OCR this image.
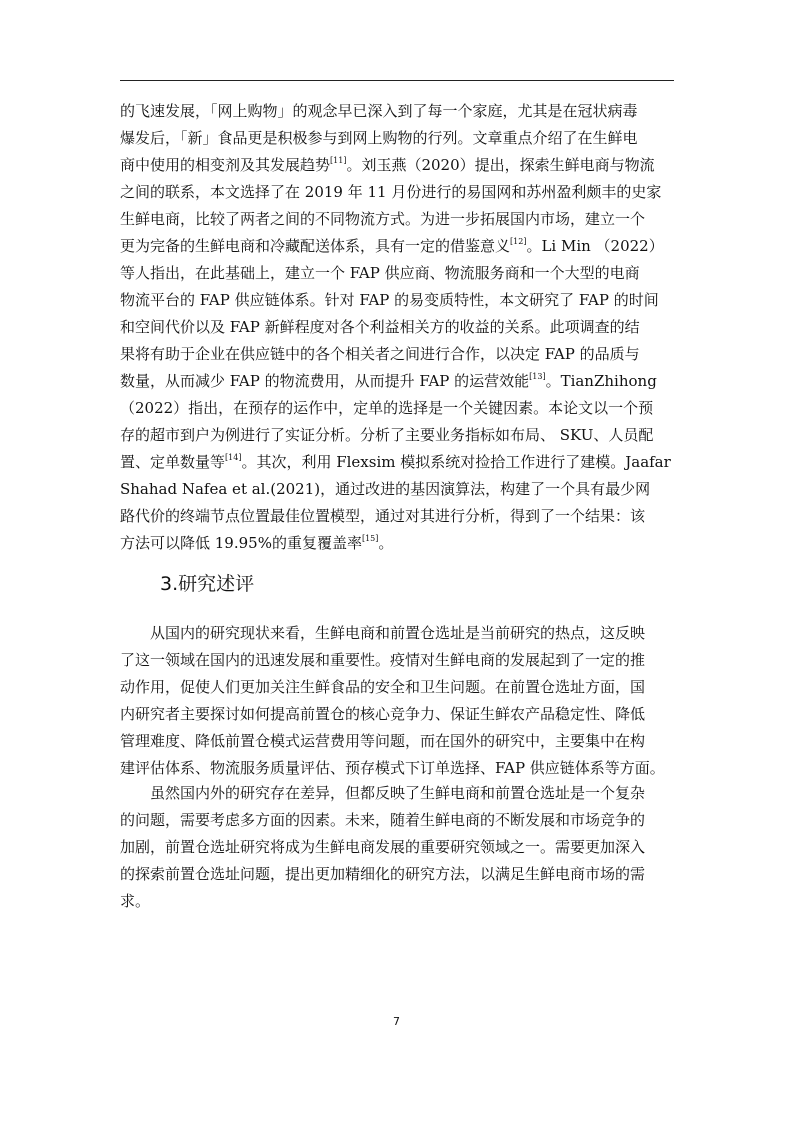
的飞速发展，「网上购物」的观念早已深入到了每一个家庭，尤其是在冠状病毒
爆发后，「新」食品更是积极参与到网上购物的行列。文章重点介绍了在生鲜电
商中使用的相变剂及其发展趋势[11]。刘玉燕（2020）提出，探索生鲜电商与物流
之间的联系，本文选择了在 2019 年 11 月份进行的易国网和苏州盈利颇丰的史家
生鲜电商，比较了两者之间的不同物流方式。为进一步拓展国内市场，建立一个
更为完备的生鲜电商和冷藏配送体系，具有一定的借鉴意义[12]。Li Min （2022）
等人指出，在此基础上，建立一个 FAP 供应商、物流服务商和一个大型的电商
物流平台的 FAP 供应链体系。针对 FAP 的易变质特性，本文研究了 FAP 的时间
和空间代价以及 FAP 新鲜程度对各个利益相关方的收益的关系。此项调查的结
果将有助于企业在供应链中的各个相关者之间进行合作，以决定 FAP 的品质与
数量，从而减少 FAP 的物流费用，从而提升 FAP 的运营效能[13]。TianZhihong
（2022）指出，在预存的运作中，定单的选择是一个关键因素。本论文以一个预
存的超市到户为例进行了实证分析。分析了主要业务指标如布局、 SKU、人员配
置、定单数量等[14]。其次，利用 Flexsim 模拟系统对捡拾工作进行了建模。Jaafar
Shahad Nafea et al.(2021)，通过改进的基因演算法，构建了一个具有最少网
路代价的终端节点位置最佳位置模型，通过对其进行分析，得到了一个结果：该
方法可以降低 19.95%的重复覆盖率[15]。

3.研究述评

从国内的研究现状来看，生鲜电商和前置仓选址是当前研究的热点，这反映
了这一领域在国内的迅速发展和重要性。疫情对生鲜电商的发展起到了一定的推
动作用，促使人们更加关注生鲜食品的安全和卫生问题。在前置仓选址方面，国
内研究者主要探讨如何提高前置仓的核心竞争力、保证生鲜农产品稳定性、降低
管理难度、降低前置仓模式运营费用等问题，而在国外的研究中，主要集中在构
建评估体系、物流服务质量评估、预存模式下订单选择、FAP 供应链体系等方面。

虽然国内外的研究存在差异，但都反映了生鲜电商和前置仓选址是一个复杂
的问题，需要考虑多方面的因素。未来，随着生鲜电商的不断发展和市场竞争的
加剧，前置仓选址研究将成为生鲜电商发展的重要研究领域之一。需要更加深入
的探索前置仓选址问题，提出更加精细化的研究方法，以满足生鲜电商市场的需
求。

7
